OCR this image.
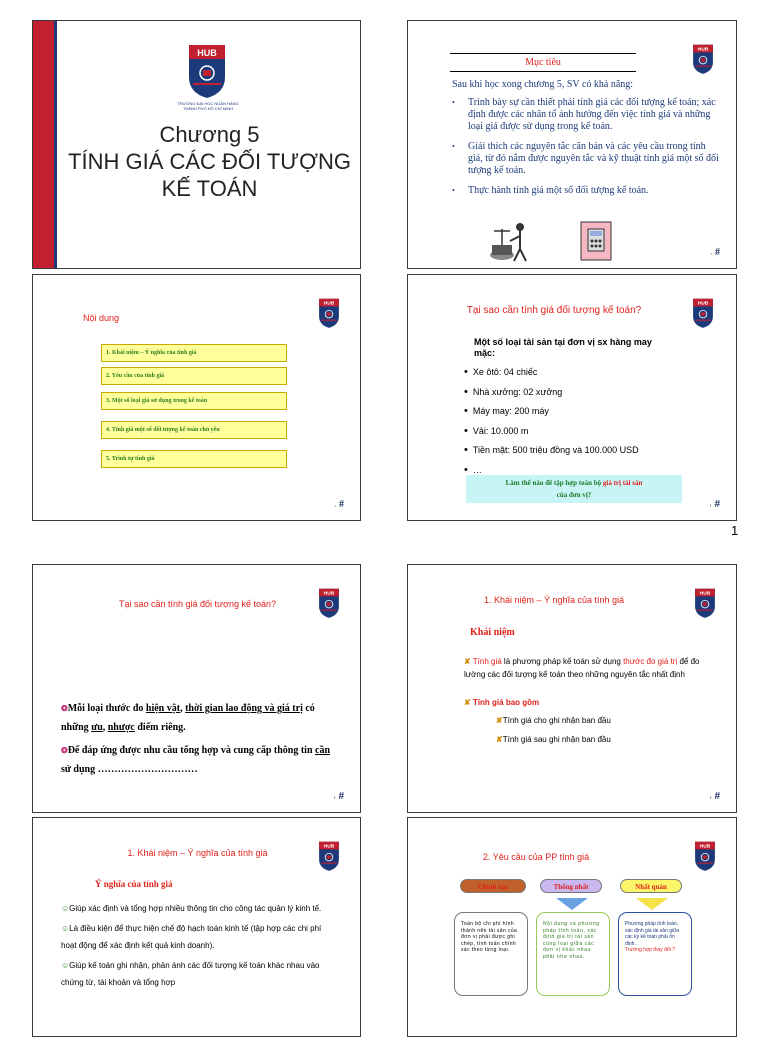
TRƯỜNG ĐẠI HỌC NGÂN HÀNG
THÀNH PHỐ HỒ CHÍ MINH
Chương 5
TÍNH GIÁ CÁC ĐỐI TƯỢNG
KẾ TOÁN
Mục tiêu
Sau khi học xong chương 5, SV có khả năng:
• Trình bày sự cần thiết phải tính giá các đối tượng kế toán; xác định được các nhân tố ảnh hưởng đến việc tính giá và những loại giá được sử dụng trong kế toán.
• Giải thích các nguyên tắc căn bản và các yêu cầu trong tính giá, từ đó nắm được nguyên tắc và kỹ thuật tính giá một số đối tượng kế toán.
• Thực hành tính giá một số đối tượng kế toán.
› #
Nội dung
1. Khái niệm – Ý nghĩa của tính giá
2. Yêu cầu của tính giá
3. Một số loại giá sử dụng trong kế toán
4. Tính giá một số đối tượng kế toán chủ yếu
5. Trình tự tính giá
› #
Tại sao cần tính giá đối tượng kế toán?
Một số loại tài sản tại đơn vị sx hàng may mặc:
• Xe ôtô: 04 chiếc
• Nhà xưởng: 02 xưởng
• Máy may: 200 máy
• Vải: 10.000 m
• Tiền mặt: 500 triệu đồng và 100.000 USD
• …
Làm thế nào để tập hợp toàn bộ giá trị tài sản
của đơn vị?
› #
1
Tại sao cần tính giá đối tượng kế toán?
❂Mỗi loại thước đo hiện vật, thời gian lao động và giá trị có những ưu, nhược điểm riêng.
❂Để đáp ứng được nhu cầu tổng hợp và cung cấp thông tin cần sử dụng …………………………
› #
1. Khái niệm – Ý nghĩa của tính giá
Khái niệm
✘ Tính giá là phương pháp kế toán sử dụng thước đo giá trị để đo lường các đối tượng kế toán theo những nguyên tắc nhất định
✘ Tính giá bao gồm
✘Tính giá cho ghi nhận ban đầu
✘Tính giá sau ghi nhận ban đầu
› #
1. Khái niệm – Ý nghĩa của tính giá
Ý nghĩa của tính giá
☺Giúp xác định và tổng hợp nhiều thông tin cho công tác quản lý kinh tế.
☺Là điều kiện để thực hiện chế độ hạch toán kinh tế (tập hợp các chi phí hoạt động để xác định kết quả kinh doanh).
☺Giúp kế toán ghi nhận, phản ánh các đối tượng kế toán khác nhau vào chứng từ, tài khoản và tổng hợp
2. Yêu cầu của PP tính giá
Chính xác	Thống nhất	Nhất quán
Toàn bộ chi phí hình thành nên tài sản của đơn vị phải được ghi chép, tính toán chính xác theo từng loại.
Nội dung và phương pháp tính toán, xác định giá trị tài sản cùng loại giữa các đơn vị khác nhau phải như nhau.
Phương pháp tính toán, xác định giá tài sản giữa các kỳ kế toán phải ổn định.
Trường hợp thay đổi ?
